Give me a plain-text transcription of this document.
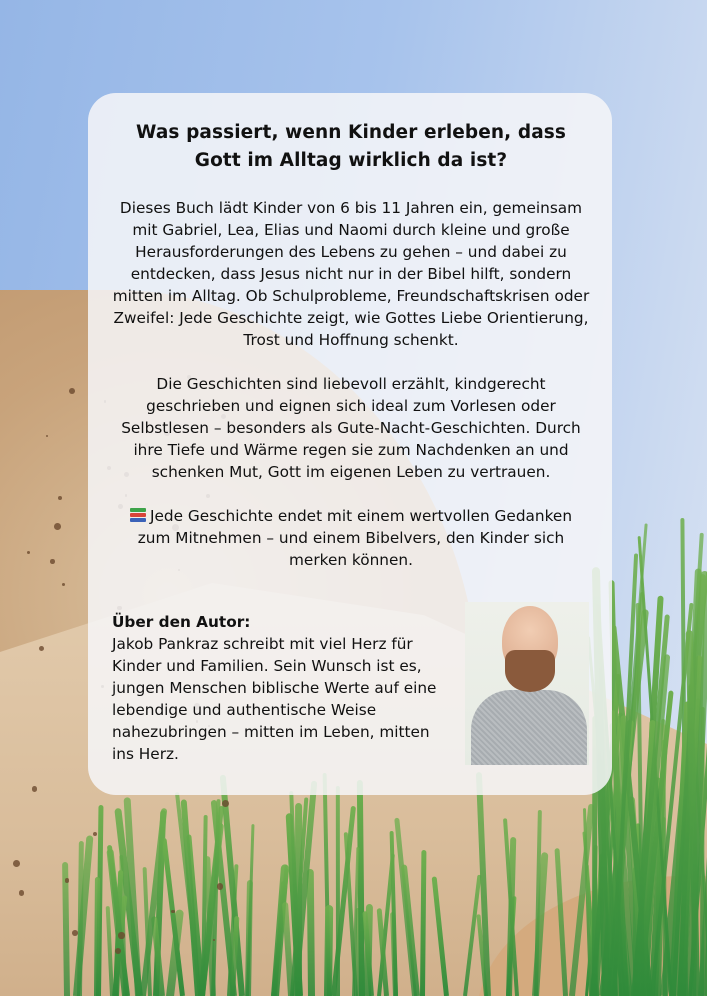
Was passiert, wenn Kinder erleben, dass Gott im Alltag wirklich da ist?

Dieses Buch lädt Kinder von 6 bis 11 Jahren ein, gemeinsam mit Gabriel, Lea, Elias und Naomi durch kleine und große Herausforderungen des Lebens zu gehen – und dabei zu entdecken, dass Jesus nicht nur in der Bibel hilft, sondern mitten im Alltag. Ob Schulprobleme, Freundschaftskrisen oder Zweifel: Jede Geschichte zeigt, wie Gottes Liebe Orientierung, Trost und Hoffnung schenkt.

Die Geschichten sind liebevoll erzählt, kindgerecht geschrieben und eignen sich ideal zum Vorlesen oder Selbstlesen – besonders als Gute-Nacht-Geschichten. Durch ihre Tiefe und Wärme regen sie zum Nachdenken an und schenken Mut, Gott im eigenen Leben zu vertrauen.

Jede Geschichte endet mit einem wertvollen Gedanken zum Mitnehmen – und einem Bibelvers, den Kinder sich merken können.

Über den Autor:
Jakob Pankraz schreibt mit viel Herz für Kinder und Familien. Sein Wunsch ist es, jungen Menschen biblische Werte auf eine lebendige und authentische Weise nahezubringen – mitten im Leben, mitten ins Herz.
